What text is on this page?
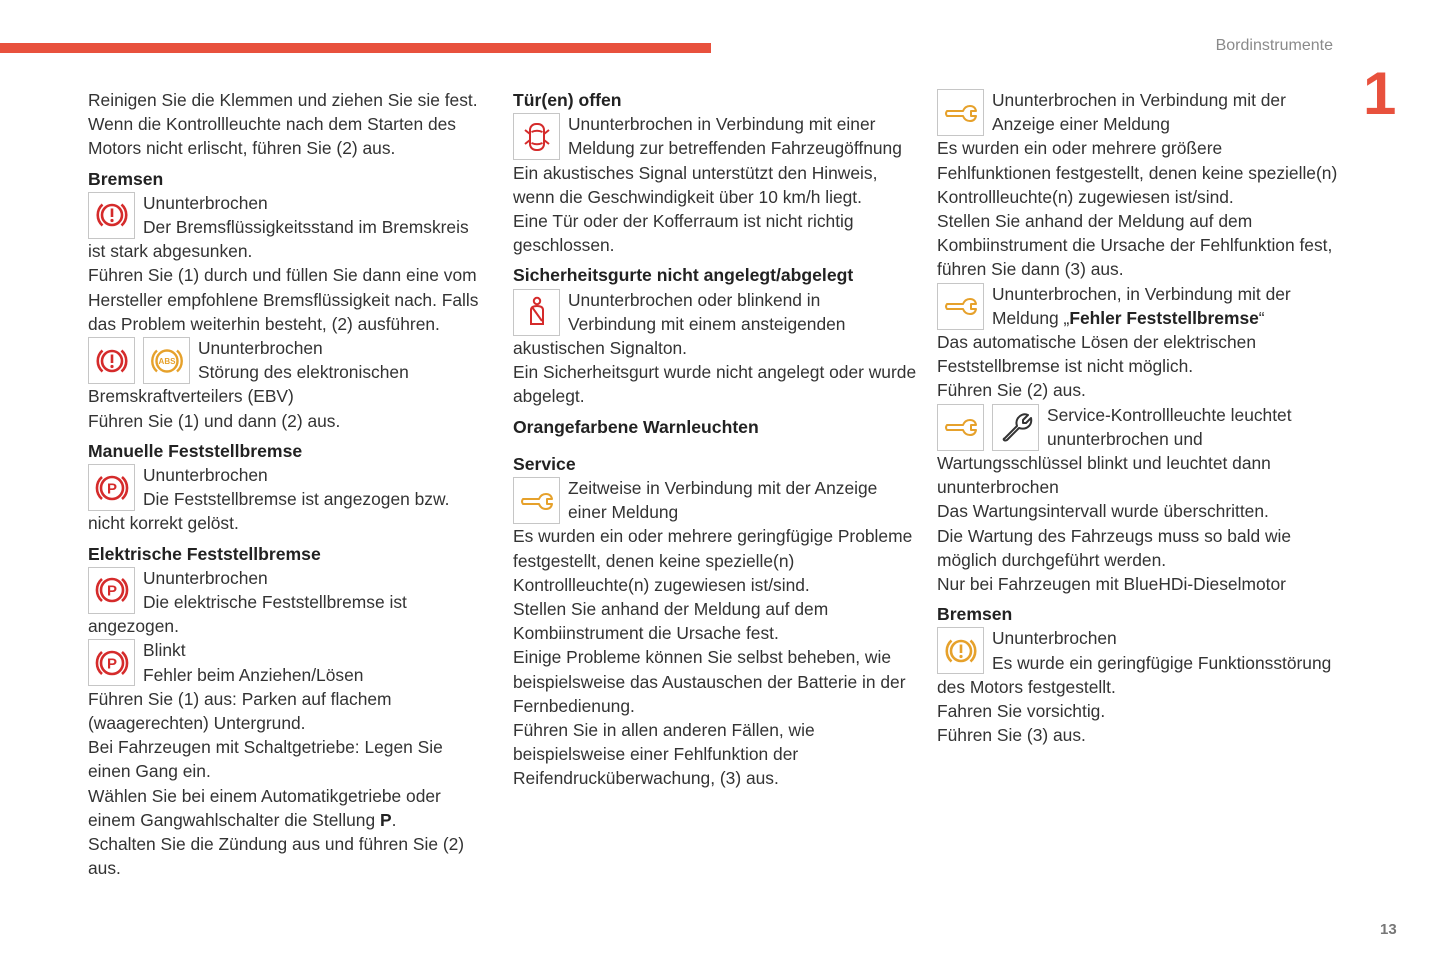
Bordinstrumente
1
13

Reinigen Sie die Klemmen und ziehen Sie sie fest.

Wenn die Kontrollleuchte nach dem Starten des Motors nicht erlischt, führen Sie (2) aus.

Bremsen

Ununterbrochen

Der Bremsflüssigkeitsstand im Bremskreis ist stark abgesunken.

Führen Sie (1) durch und füllen Sie dann eine vom Hersteller empfohlene Bremsflüssigkeit nach. Falls das Problem weiterhin besteht, (2) ausführen.

ABS

Ununterbrochen

Störung des elektronischen Bremskraftverteilers (EBV)

Führen Sie (1) und dann (2) aus.

Manuelle Feststellbremse
P

Ununterbrochen

Die Feststellbremse ist angezogen bzw. nicht korrekt gelöst.

Elektrische Feststellbremse
P

Ununterbrochen

Die elektrische Feststellbremse ist angezogen.

P

Blinkt

Fehler beim Anziehen/Lösen

Führen Sie (1) aus: Parken auf flachem (waagerechten) Untergrund.

Bei Fahrzeugen mit Schaltgetriebe: Legen Sie einen Gang ein.

Wählen Sie bei einem Automatikgetriebe oder einem Gangwahlschalter die Stellung P.

Schalten Sie die Zündung aus und führen Sie (2) aus.

Tür(en) offen

Ununterbrochen in Verbindung mit einer

Meldung zur betreffenden Fahrzeugöffnung

Ein akustisches Signal unterstützt den Hinweis, wenn die Geschwindigkeit über 10 km/h liegt.

Eine Tür oder der Kofferraum ist nicht richtig geschlossen.

Sicherheitsgurte nicht angelegt/abgelegt

Ununterbrochen oder blinkend in

Verbindung mit einem ansteigenden akustischen Signalton.

Ein Sicherheitsgurt wurde nicht angelegt oder wurde abgelegt.

Orangefarbene Warnleuchten
Service

Zeitweise in Verbindung mit der Anzeige

einer Meldung

Es wurden ein oder mehrere geringfügige Probleme festgestellt, denen keine spezielle(n) Kontrollleuchte(n) zugewiesen ist/sind.

Stellen Sie anhand der Meldung auf dem Kombiinstrument die Ursache fest.

Einige Probleme können Sie selbst beheben, wie beispielsweise das Austauschen der Batterie in der Fernbedienung.

Führen Sie in allen anderen Fällen, wie beispielsweise einer Fehlfunktion der Reifendrucküberwachung, (3) aus.

Ununterbrochen in Verbindung mit der

Anzeige einer Meldung

Es wurden ein oder mehrere größere Fehlfunktionen festgestellt, denen keine spezielle(n) Kontrollleuchte(n) zugewiesen ist/sind.

Stellen Sie anhand der Meldung auf dem Kombiinstrument die Ursache der Fehlfunktion fest, führen Sie dann (3) aus.

Ununterbrochen, in Verbindung mit der

Meldung „Fehler Feststellbremse“

Das automatische Lösen der elektrischen Feststellbremse ist nicht möglich.

Führen Sie (2) aus.

Service-Kontrollleuchte leuchtet

ununterbrochen und Wartungsschlüssel blinkt und leuchtet dann ununterbrochen

Das Wartungsintervall wurde überschritten.

Die Wartung des Fahrzeugs muss so bald wie möglich durchgeführt werden.

Nur bei Fahrzeugen mit BlueHDi-Dieselmotor

Bremsen

Ununterbrochen

Es wurde ein geringfügige Funktionsstörung des Motors festgestellt.

Fahren Sie vorsichtig.

Führen Sie (3) aus.
